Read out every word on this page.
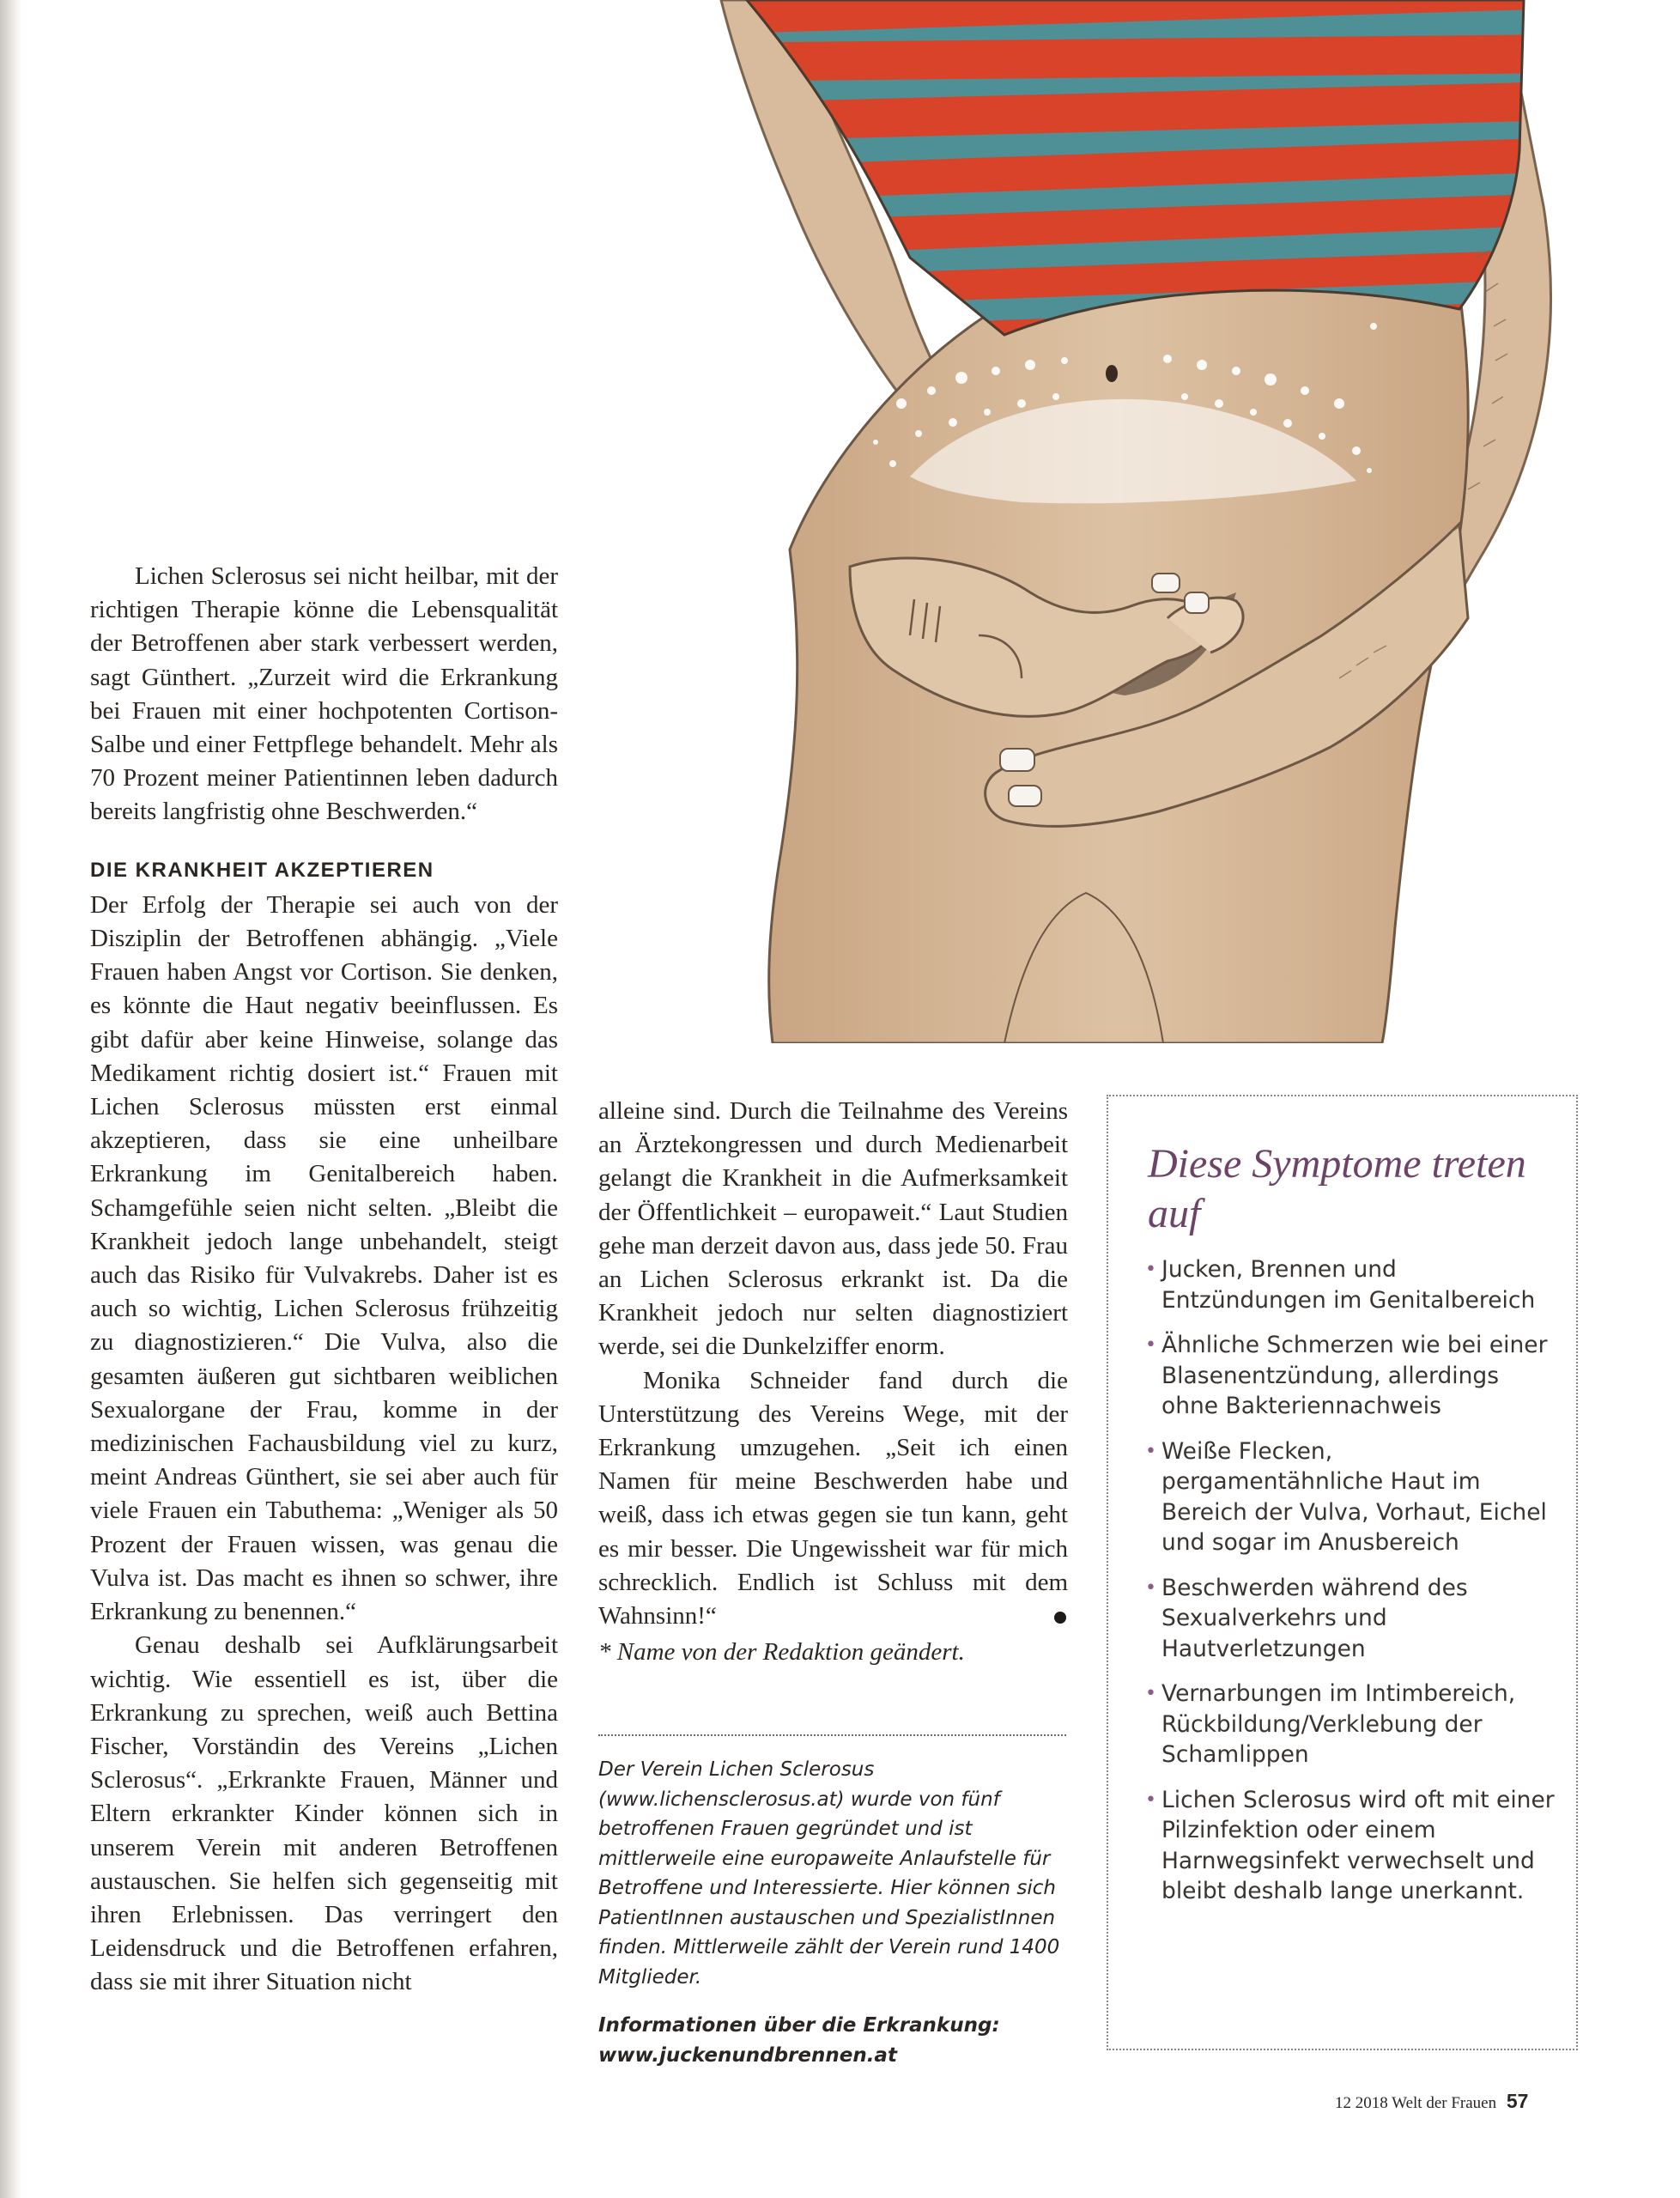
Lichen Sclerosus sei nicht heilbar, mit der richtigen Therapie könne die Lebensqualität der Betroffenen aber stark verbessert werden, sagt Günthert. „Zurzeit wird die Erkrankung bei Frauen mit einer hochpotenten Cortison-Salbe und einer Fettpflege behandelt. Mehr als 70 Prozent meiner Patientinnen leben dadurch bereits langfristig ohne Beschwerden.“

DIE KRANKHEIT AKZEPTIEREN

Der Erfolg der Therapie sei auch von der Disziplin der Betroffenen abhängig. „Viele Frauen haben Angst vor Cortison. Sie denken, es könnte die Haut negativ beeinflussen. Es gibt dafür aber keine Hinweise, solange das Medikament richtig dosiert ist.“ Frauen mit Lichen Sclerosus müssten erst einmal akzeptieren, dass sie eine unheilbare Erkrankung im Genitalbereich haben. Schamgefühle seien nicht selten. „Bleibt die Krankheit jedoch lange unbehandelt, steigt auch das Risiko für Vulvakrebs. Daher ist es auch so wichtig, Lichen Sclerosus frühzeitig zu diagnostizieren.“ Die Vulva, also die gesamten äußeren gut sichtbaren weiblichen Sexualorgane der Frau, komme in der medizinischen Fachausbildung viel zu kurz, meint Andreas Günthert, sie sei aber auch für viele Frauen ein Tabuthema: „Weniger als 50 Prozent der Frauen wissen, was genau die Vulva ist. Das macht es ihnen so schwer, ihre Erkrankung zu benennen.“

Genau deshalb sei Aufklärungsarbeit wichtig. Wie essentiell es ist, über die Erkrankung zu sprechen, weiß auch Bettina Fischer, Vorständin des Vereins „Lichen Sclerosus“. „Erkrankte Frauen, Männer und Eltern erkrankter Kinder können sich in unserem Verein mit anderen Betroffenen austauschen. Sie helfen sich gegenseitig mit ihren Erlebnissen. Das verringert den Leidensdruck und die Betroffenen erfahren, dass sie mit ihrer Situation nicht

alleine sind. Durch die Teilnahme des Vereins an Ärztekongressen und durch Medienarbeit gelangt die Krankheit in die Aufmerksamkeit der Öffentlichkeit – europaweit.“ Laut Studien gehe man derzeit davon aus, dass jede 50. Frau an Lichen Sclerosus erkrankt ist. Da die Krankheit jedoch nur selten diagnostiziert werde, sei die Dunkelziffer enorm.

Monika Schneider fand durch die Unterstützung des Vereins Wege, mit der Erkrankung umzugehen. „Seit ich einen Namen für meine Beschwerden habe und weiß, dass ich etwas gegen sie tun kann, geht es mir besser. Die Ungewissheit war für mich schrecklich. Endlich ist Schluss mit dem Wahnsinn!“

* Name von der Redaktion geändert.

Der Verein Lichen Sclerosus (www.lichensclerosus.at) wurde von fünf betroffenen Frauen gegründet und ist mittlerweile eine europaweite Anlaufstelle für Betroffene und Interessierte. Hier können sich PatientInnen austauschen und SpezialistInnen finden. Mittlerweile zählt der Verein rund 1400 Mitglieder.

Informationen über die Erkrankung:

www.juckenundbrennen.at

Diese Symptome treten auf
• Jucken, Brennen und Entzündungen im Genitalbereich
• Ähnliche Schmerzen wie bei einer Blasenentzündung, allerdings ohne Bakteriennachweis
• Weiße Flecken, pergamentähnliche Haut im Bereich der Vulva, Vorhaut, Eichel und sogar im Anusbereich
• Beschwerden während des Sexualverkehrs und Hautverletzungen
• Vernarbungen im Intimbereich, Rückbildung/Verklebung der Schamlippen
• Lichen Sclerosus wird oft mit einer Pilzinfektion oder einem Harnwegsinfekt verwechselt und bleibt deshalb lange unerkannt.
12 2018 Welt der Frauen 57
